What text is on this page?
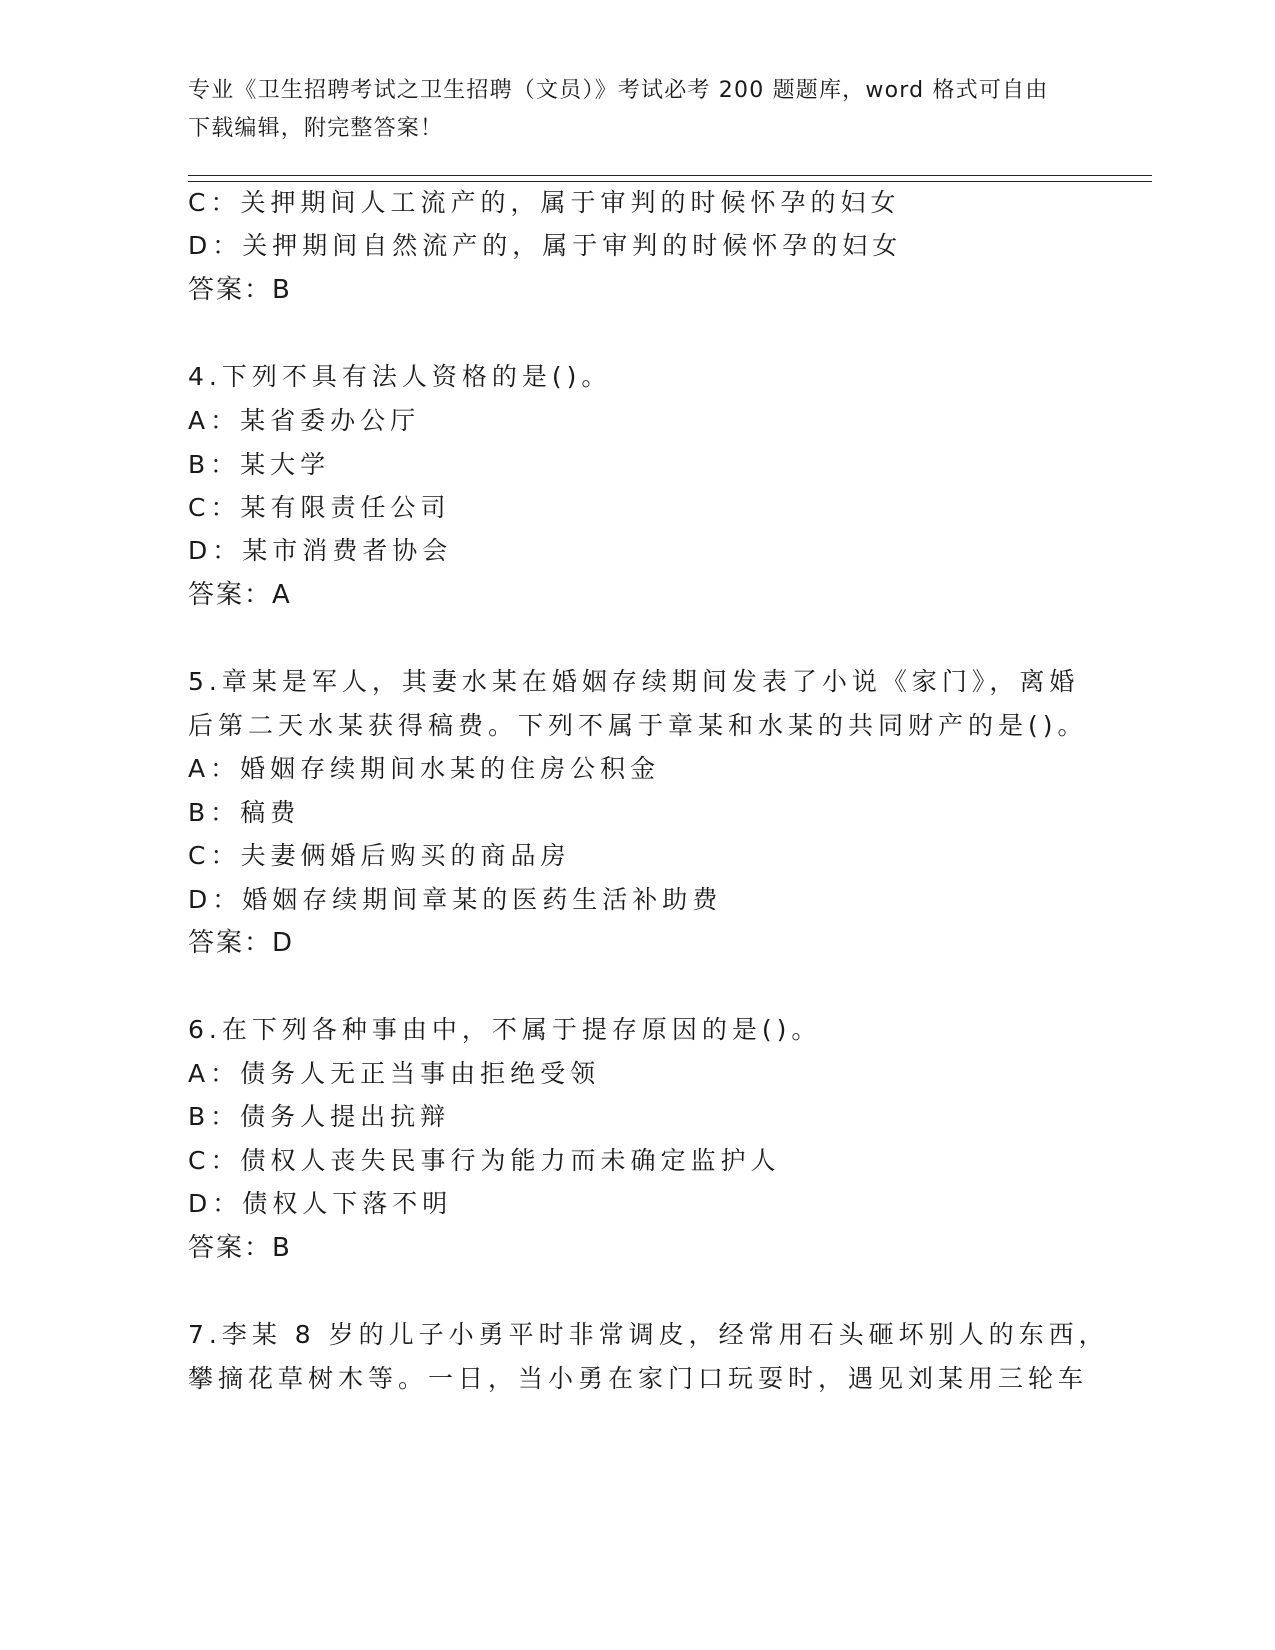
专业《卫生招聘考试之卫生招聘（文员）》考试必考 200 题题库，word 格式可自由下载编辑，附完整答案！
C：关押期间人工流产的，属于审判的时候怀孕的妇女
D：关押期间自然流产的，属于审判的时候怀孕的妇女
答案：B
4.下列不具有法人资格的是()。
A：某省委办公厅
B：某大学
C：某有限责任公司
D：某市消费者协会
答案：A
5.章某是军人，其妻水某在婚姻存续期间发表了小说《家门》，离婚
后第二天水某获得稿费。下列不属于章某和水某的共同财产的是()。
A：婚姻存续期间水某的住房公积金
B：稿费
C：夫妻俩婚后购买的商品房
D：婚姻存续期间章某的医药生活补助费
答案：D
6.在下列各种事由中，不属于提存原因的是()。
A：债务人无正当事由拒绝受领
B：债务人提出抗辩
C：债权人丧失民事行为能力而未确定监护人
D：债权人下落不明
答案：B
7.李某 8 岁的儿子小勇平时非常调皮，经常用石头砸坏别人的东西，
攀摘花草树木等。一日，当小勇在家门口玩耍时，遇见刘某用三轮车
